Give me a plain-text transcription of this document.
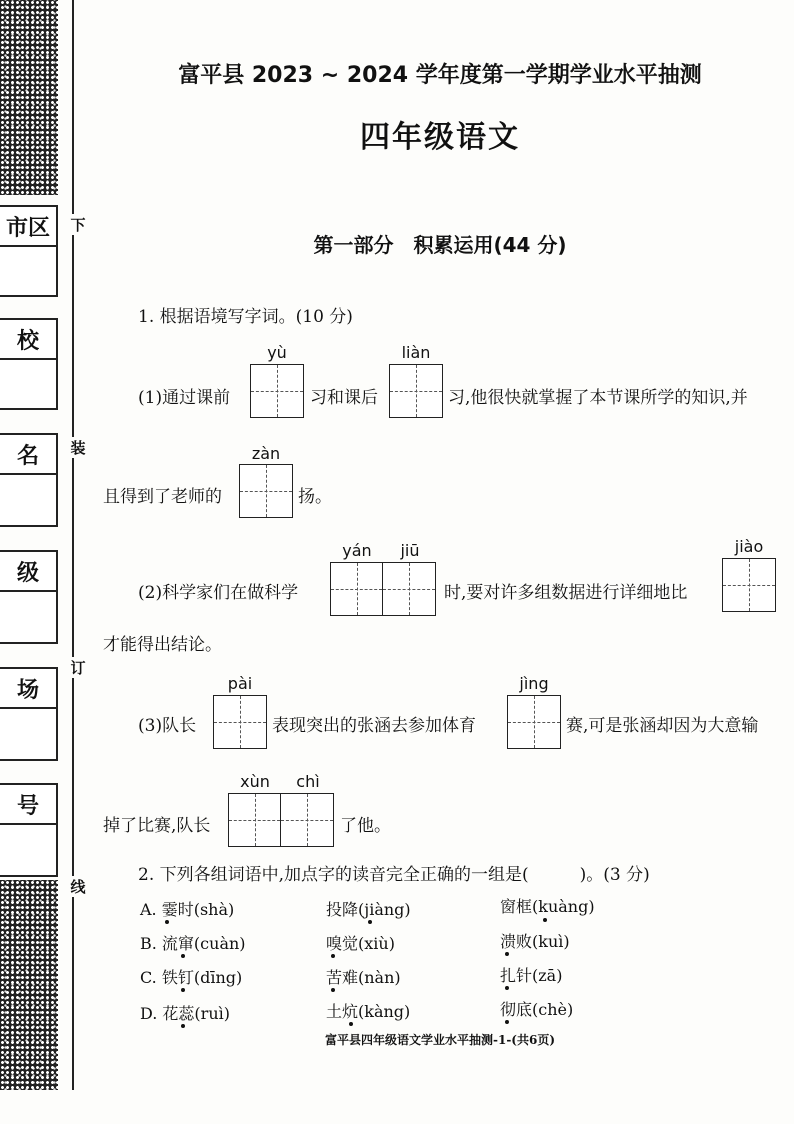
市区
校
名
级
场
号
下
装
订
线
富平县 2023 ~ 2024 学年度第一学期学业水平抽测
四年级语文
第一部分　积累运用(44 分)
1. 根据语境写字词。(10 分)
yù	liàn
(1)通过课前	习和课后	习,他很快就掌握了本节课所学的知识,并
zàn
且得到了老师的	扬。
yán	jiū	jiào
(2)科学家们在做科学	时,要对许多组数据进行详细地比
才能得出结论。
pài	jìng
(3)队长	表现突出的张涵去参加体育	赛,可是张涵却因为大意输
xùn	chì
掉了比赛,队长	了他。
2. 下列各组词语中,加点字的读音完全正确的一组是(　)。(3 分)
A. 霎时(shà)	投降(jiàng)	窗框(kuàng)
B. 流窜(cuàn)	嗅觉(xiù)	溃败(kuì)
C. 铁钉(dīng)	苦难(nàn)	扎针(zā)
D. 花蕊(ruì)	土炕(kàng)	彻底(chè)
富平县四年级语文学业水平抽测-1-(共6页)
